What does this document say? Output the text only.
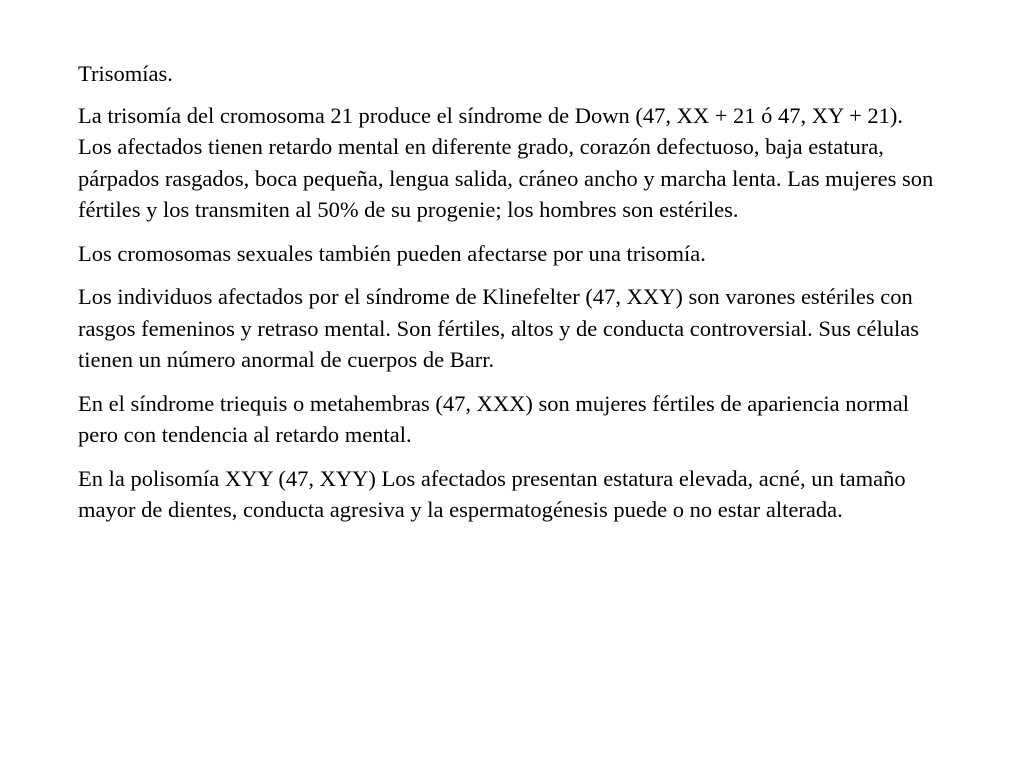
Trisomías.

La trisomía del cromosoma 21 produce el síndrome de Down (47, XX + 21 ó 47, XY + 21). Los afectados tienen retardo mental en diferente grado, corazón defectuoso, baja estatura, párpados rasgados, boca pequeña, lengua salida, cráneo ancho y marcha lenta. Las mujeres son fértiles y los transmiten al 50% de su progenie; los hombres son estériles.

Los cromosomas sexuales también pueden afectarse por una trisomía.

Los individuos afectados por el síndrome de Klinefelter (47, XXY) son varones estériles con rasgos femeninos y retraso mental. Son fértiles, altos y de conducta controversial. Sus células tienen un número anormal de cuerpos de Barr.

En el síndrome triequis o metahembras (47, XXX) son mujeres fértiles de apariencia normal pero con tendencia al retardo mental.

En la polisomía XYY (47, XYY) Los afectados presentan estatura elevada, acné, un tamaño mayor de dientes, conducta agresiva y la espermatogénesis puede o no estar alterada.
